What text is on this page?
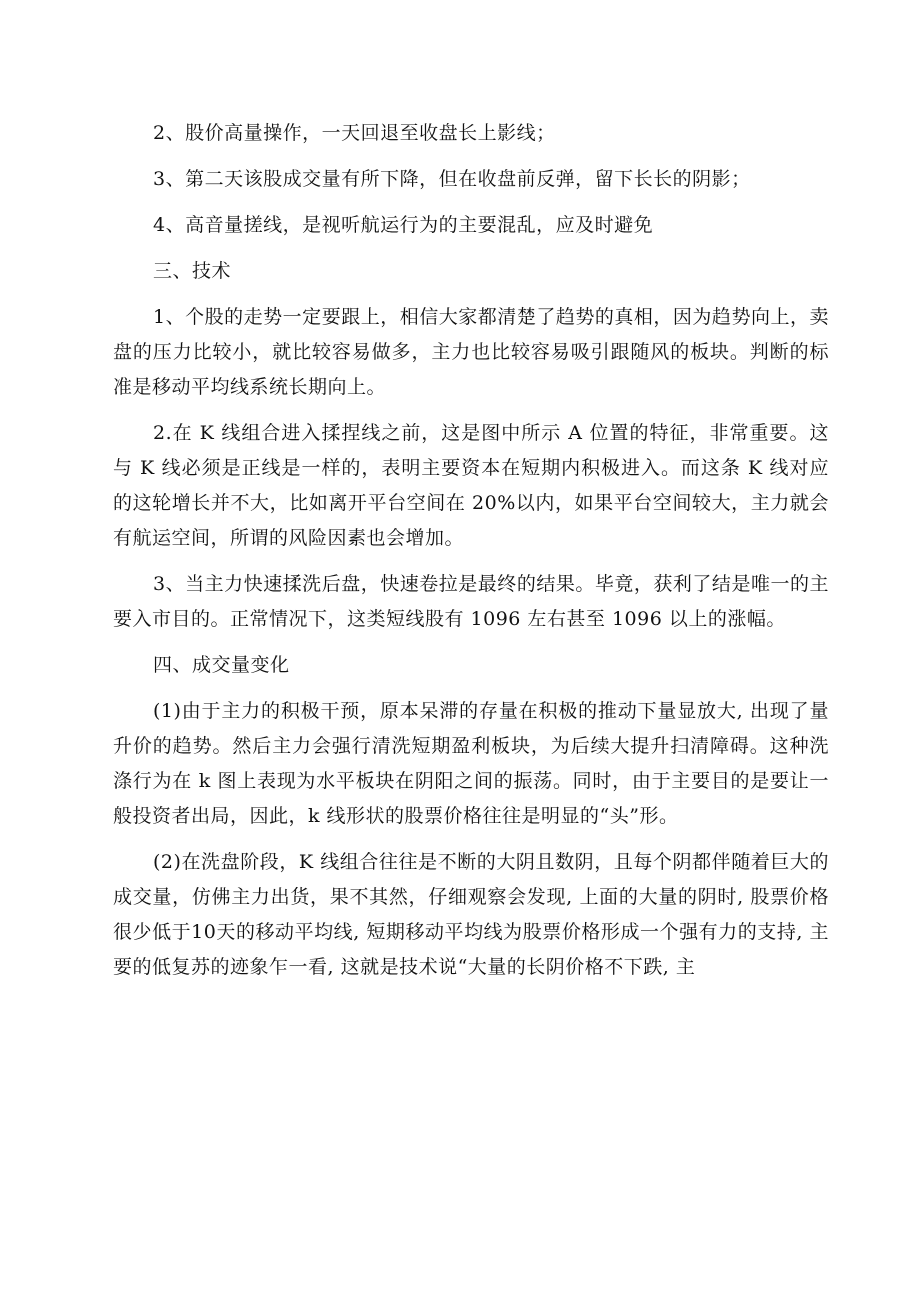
2、股价高量操作，一天回退至收盘长上影线；

3、第二天该股成交量有所下降，但在收盘前反弹，留下长长的阴影；

4、高音量搓线，是视听航运行为的主要混乱，应及时避免

三、技术

1、个股的走势一定要跟上，相信大家都清楚了趋势的真相，因为趋势向上，卖盘的压力比较小，就比较容易做多，主力也比较容易吸引跟随风的板块。判断的标准是移动平均线系统长期向上。

2.在 K 线组合进入揉捏线之前，这是图中所示 A 位置的特征，非常重要。这与 K 线必须是正线是一样的，表明主要资本在短期内积极进入。而这条 K 线对应的这轮增长并不大，比如离开平台空间在 20%以内，如果平台空间较大，主力就会有航运空间，所谓的风险因素也会增加。

3、当主力快速揉洗后盘，快速卷拉是最终的结果。毕竟，获利了结是唯一的主要入市目的。正常情况下，这类短线股有 1096 左右甚至 1096 以上的涨幅。

四、成交量变化

(1)由于主力的积极干预，原本呆滞的存量在积极的推动下量显放大, 出现了量升价的趋势。然后主力会强行清洗短期盈利板块，为后续大提升扫清障碍。这种洗涤行为在 k 图上表现为水平板块在阴阳之间的振荡。同时，由于主要目的是要让一般投资者出局，因此，k 线形状的股票价格往往是明显的“头”形。

(2)在洗盘阶段，K 线组合往往是不断的大阴且数阴，且每个阴都伴随着巨大的成交量，仿佛主力出货，果不其然，仔细观察会发现, 上面的大量的阴时, 股票价格很少低于10天的移动平均线, 短期移动平均线为股票价格形成一个强有力的支持, 主要的低复苏的迹象乍一看, 这就是技术说“大量的长阴价格不下跌, 主
